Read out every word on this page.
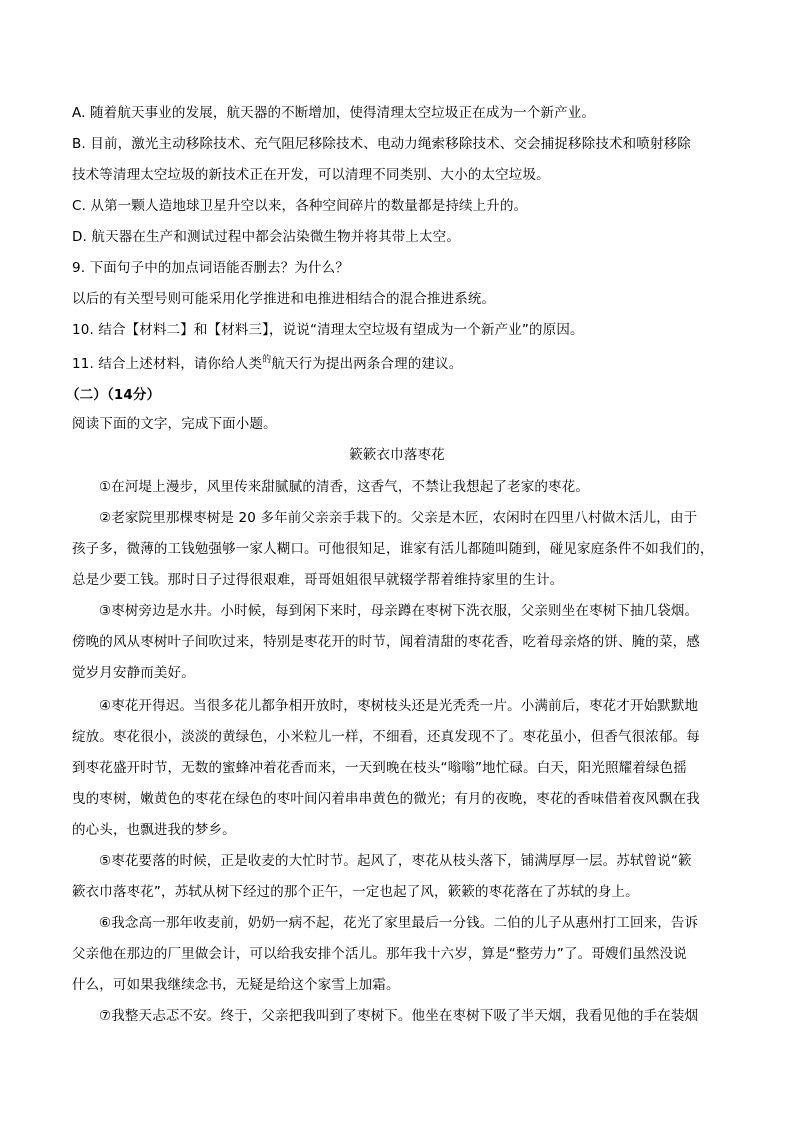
A. 随着航天事业的发展，航天器的不断增加，使得清理太空垃圾正在成为一个新产业。
B. 目前，激光主动移除技术、充气阻尼移除技术、电动力绳索移除技术、交会捕捉移除技术和喷射移除
技术等清理太空垃圾的新技术正在开发，可以清理不同类别、大小的太空垃圾。
C. 从第一颗人造地球卫星升空以来，各种空间碎片的数量都是持续上升的。
D. 航天器在生产和测试过程中都会沾染微生物并将其带上太空。
9. 下面句子中的加点词语能否删去？为什么？
以后的有关型号则可能采用化学推进和电推进相结合的混合推进系统。
10. 结合【材料二】和【材料三】，说说“清理太空垃圾有望成为一个新产业”的原因。
11. 结合上述材料，请你给人类$^的$航天行为提出两条合理的建议。
（二）（14分）
阅读下面的文字，完成下面小题。
簌簌衣巾落枣花
①在河堤上漫步，风里传来甜腻腻的清香，这香气，不禁让我想起了老家的枣花。
②老家院里那棵枣树是 20 多年前父亲亲手栽下的。父亲是木匠，农闲时在四里八村做木活儿，由于
孩子多，微薄的工钱勉强够一家人糊口。可他很知足，谁家有活儿都随叫随到，碰见家庭条件不如我们的，
总是少要工钱。那时日子过得很艰难，哥哥姐姐很早就辍学帮着维持家里的生计。
③枣树旁边是水井。小时候，每到闲下来时，母亲蹲在枣树下洗衣服，父亲则坐在枣树下抽几袋烟。
傍晚的风从枣树叶子间吹过来，特别是枣花开的时节，闻着清甜的枣花香，吃着母亲烙的饼、腌的菜，感
觉岁月安静而美好。
④枣花开得迟。当很多花儿都争相开放时，枣树枝头还是光秃秃一片。小满前后，枣花才开始默默地
绽放。枣花很小，淡淡的黄绿色，小米粒儿一样，不细看，还真发现不了。枣花虽小，但香气很浓郁。每
到枣花盛开时节，无数的蜜蜂冲着花香而来，一天到晚在枝头“嗡嗡”地忙碌。白天，阳光照耀着绿色摇
曳的枣树，嫩黄色的枣花在绿色的枣叶间闪着串串黄色的微光；有月的夜晚，枣花的香味借着夜风飘在我
的心头，也飘进我的梦乡。
⑤枣花要落的时候，正是收麦的大忙时节。起风了，枣花从枝头落下，铺满厚厚一层。苏轼曾说“簌
簌衣巾落枣花”，苏轼从树下经过的那个正午，一定也起了风，簌簌的枣花落在了苏轼的身上。
⑥我念高一那年收麦前，奶奶一病不起，花光了家里最后一分钱。二伯的儿子从惠州打工回来，告诉
父亲他在那边的厂里做会计，可以给我安排个活儿。那年我十六岁，算是“整劳力”了。哥嫂们虽然没说
什么，可如果我继续念书，无疑是给这个家雪上加霜。
⑦我整天忐忑不安。终于，父亲把我叫到了枣树下。他坐在枣树下吸了半天烟，我看见他的手在装烟
